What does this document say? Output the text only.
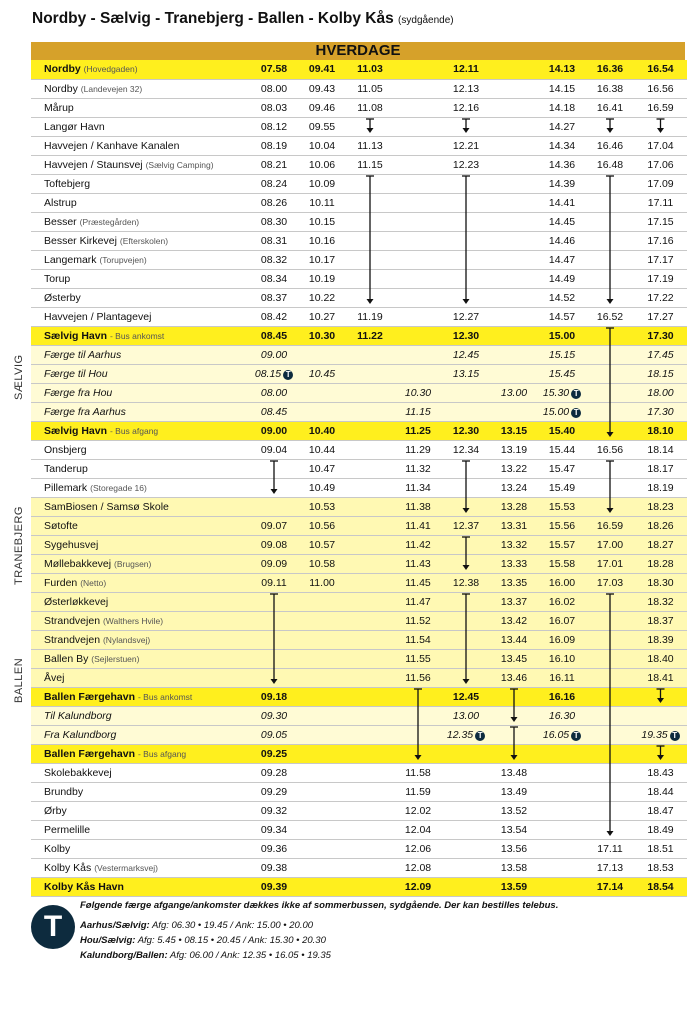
Nordby - Sælvig - Tranebjerg - Ballen - Kolby Kås (sydgående)
HVERDAGE
Nordby (Hovedgaden)	07.58	09.41	11.03		12.11		14.13	16.36	16.54
Nordby (Landevejen 32)	08.00	09.43	11.05		12.13		14.15	16.38	16.56
Mårup	08.03	09.46	11.08		12.16		14.18	16.41	16.59
Langør Havn	08.12	09.55					14.27		
Havvejen / Kanhave Kanalen	08.19	10.04	11.13		12.21		14.34	16.46	17.04
Havvejen / Staunsvej (Sælvig Camping)	08.21	10.06	11.15		12.23		14.36	16.48	17.06
Toftebjerg	08.24	10.09					14.39		17.09
Alstrup	08.26	10.11					14.41		17.11
Besser (Præstegården)	08.30	10.15					14.45		17.15
Besser Kirkevej (Efterskolen)	08.31	10.16					14.46		17.16
Langemark (Torupvejen)	08.32	10.17					14.47		17.17
Torup	08.34	10.19					14.49		17.19
Østerby	08.37	10.22					14.52		17.22
Havvejen / Plantagevej	08.42	10.27	11.19		12.27		14.57	16.52	17.27
Sælvig Havn - Bus ankomst	08.45	10.30	11.22		12.30		15.00		17.30
Færge til Aarhus	09.00				12.45		15.15		17.45
Færge til Hou	08.15 T	10.45			13.15		15.45		18.15
Færge fra Hou	08.00			10.30		13.00	15.30 T		18.00
Færge fra Aarhus	08.45			11.15			15.00 T		17.30
Sælvig Havn - Bus afgang	09.00	10.40		11.25	12.30	13.15	15.40		18.10
Onsbjerg	09.04	10.44		11.29	12.34	13.19	15.44	16.56	18.14
Tanderup		10.47		11.32		13.22	15.47		18.17
Pillemark (Storegade 16)		10.49		11.34		13.24	15.49		18.19
SamBiosen / Samsø Skole		10.53		11.38		13.28	15.53		18.23
Søtofte	09.07	10.56		11.41	12.37	13.31	15.56	16.59	18.26
Sygehusvej	09.08	10.57		11.42		13.32	15.57	17.00	18.27
Møllebakkevej (Brugsen)	09.09	10.58		11.43		13.33	15.58	17.01	18.28
Furden (Netto)	09.11	11.00		11.45	12.38	13.35	16.00	17.03	18.30
Østerløkkevej				11.47		13.37	16.02		18.32
Strandvejen (Walthers Hvile)				11.52		13.42	16.07		18.37
Strandvejen (Nylandsvej)				11.54		13.44	16.09		18.39
Ballen By (Sejlerstuen)				11.55		13.45	16.10		18.40
Åvej				11.56		13.46	16.11		18.41
Ballen Færgehavn - Bus ankomst	09.18				12.45		16.16		
Til Kalundborg	09.30				13.00		16.30		
Fra Kalundborg	09.05				12.35 T		16.05 T		19.35 T
Ballen Færgehavn - Bus afgang	09.25								
Skolebakkevej	09.28			11.58		13.48			18.43
Brundby	09.29			11.59		13.49			18.44
Ørby	09.32			12.02		13.52			18.47
Permelille	09.34			12.04		13.54			18.49
Kolby	09.36			12.06		13.56		17.11	18.51
Kolby Kås (Vestermarksvej)	09.38			12.08		13.58		17.13	18.53
Kolby Kås Havn	09.39			12.09		13.59		17.14	18.54
SÆLVIG
TRANEBJERG
BALLEN
T
Følgende færge afgange/ankomster dækkes ikke af sommerbussen, sydgående. Der kan bestilles telebus.
Aarhus/Sælvig: Afg: 06.30 • 19.45 / Ank: 15.00 • 20.00
Hou/Sælvig: Afg: 5.45 • 08.15 • 20.45 / Ank: 15.30 • 20.30
Kalundborg/Ballen: Afg: 06.00 / Ank: 12.35 • 16.05 • 19.35
